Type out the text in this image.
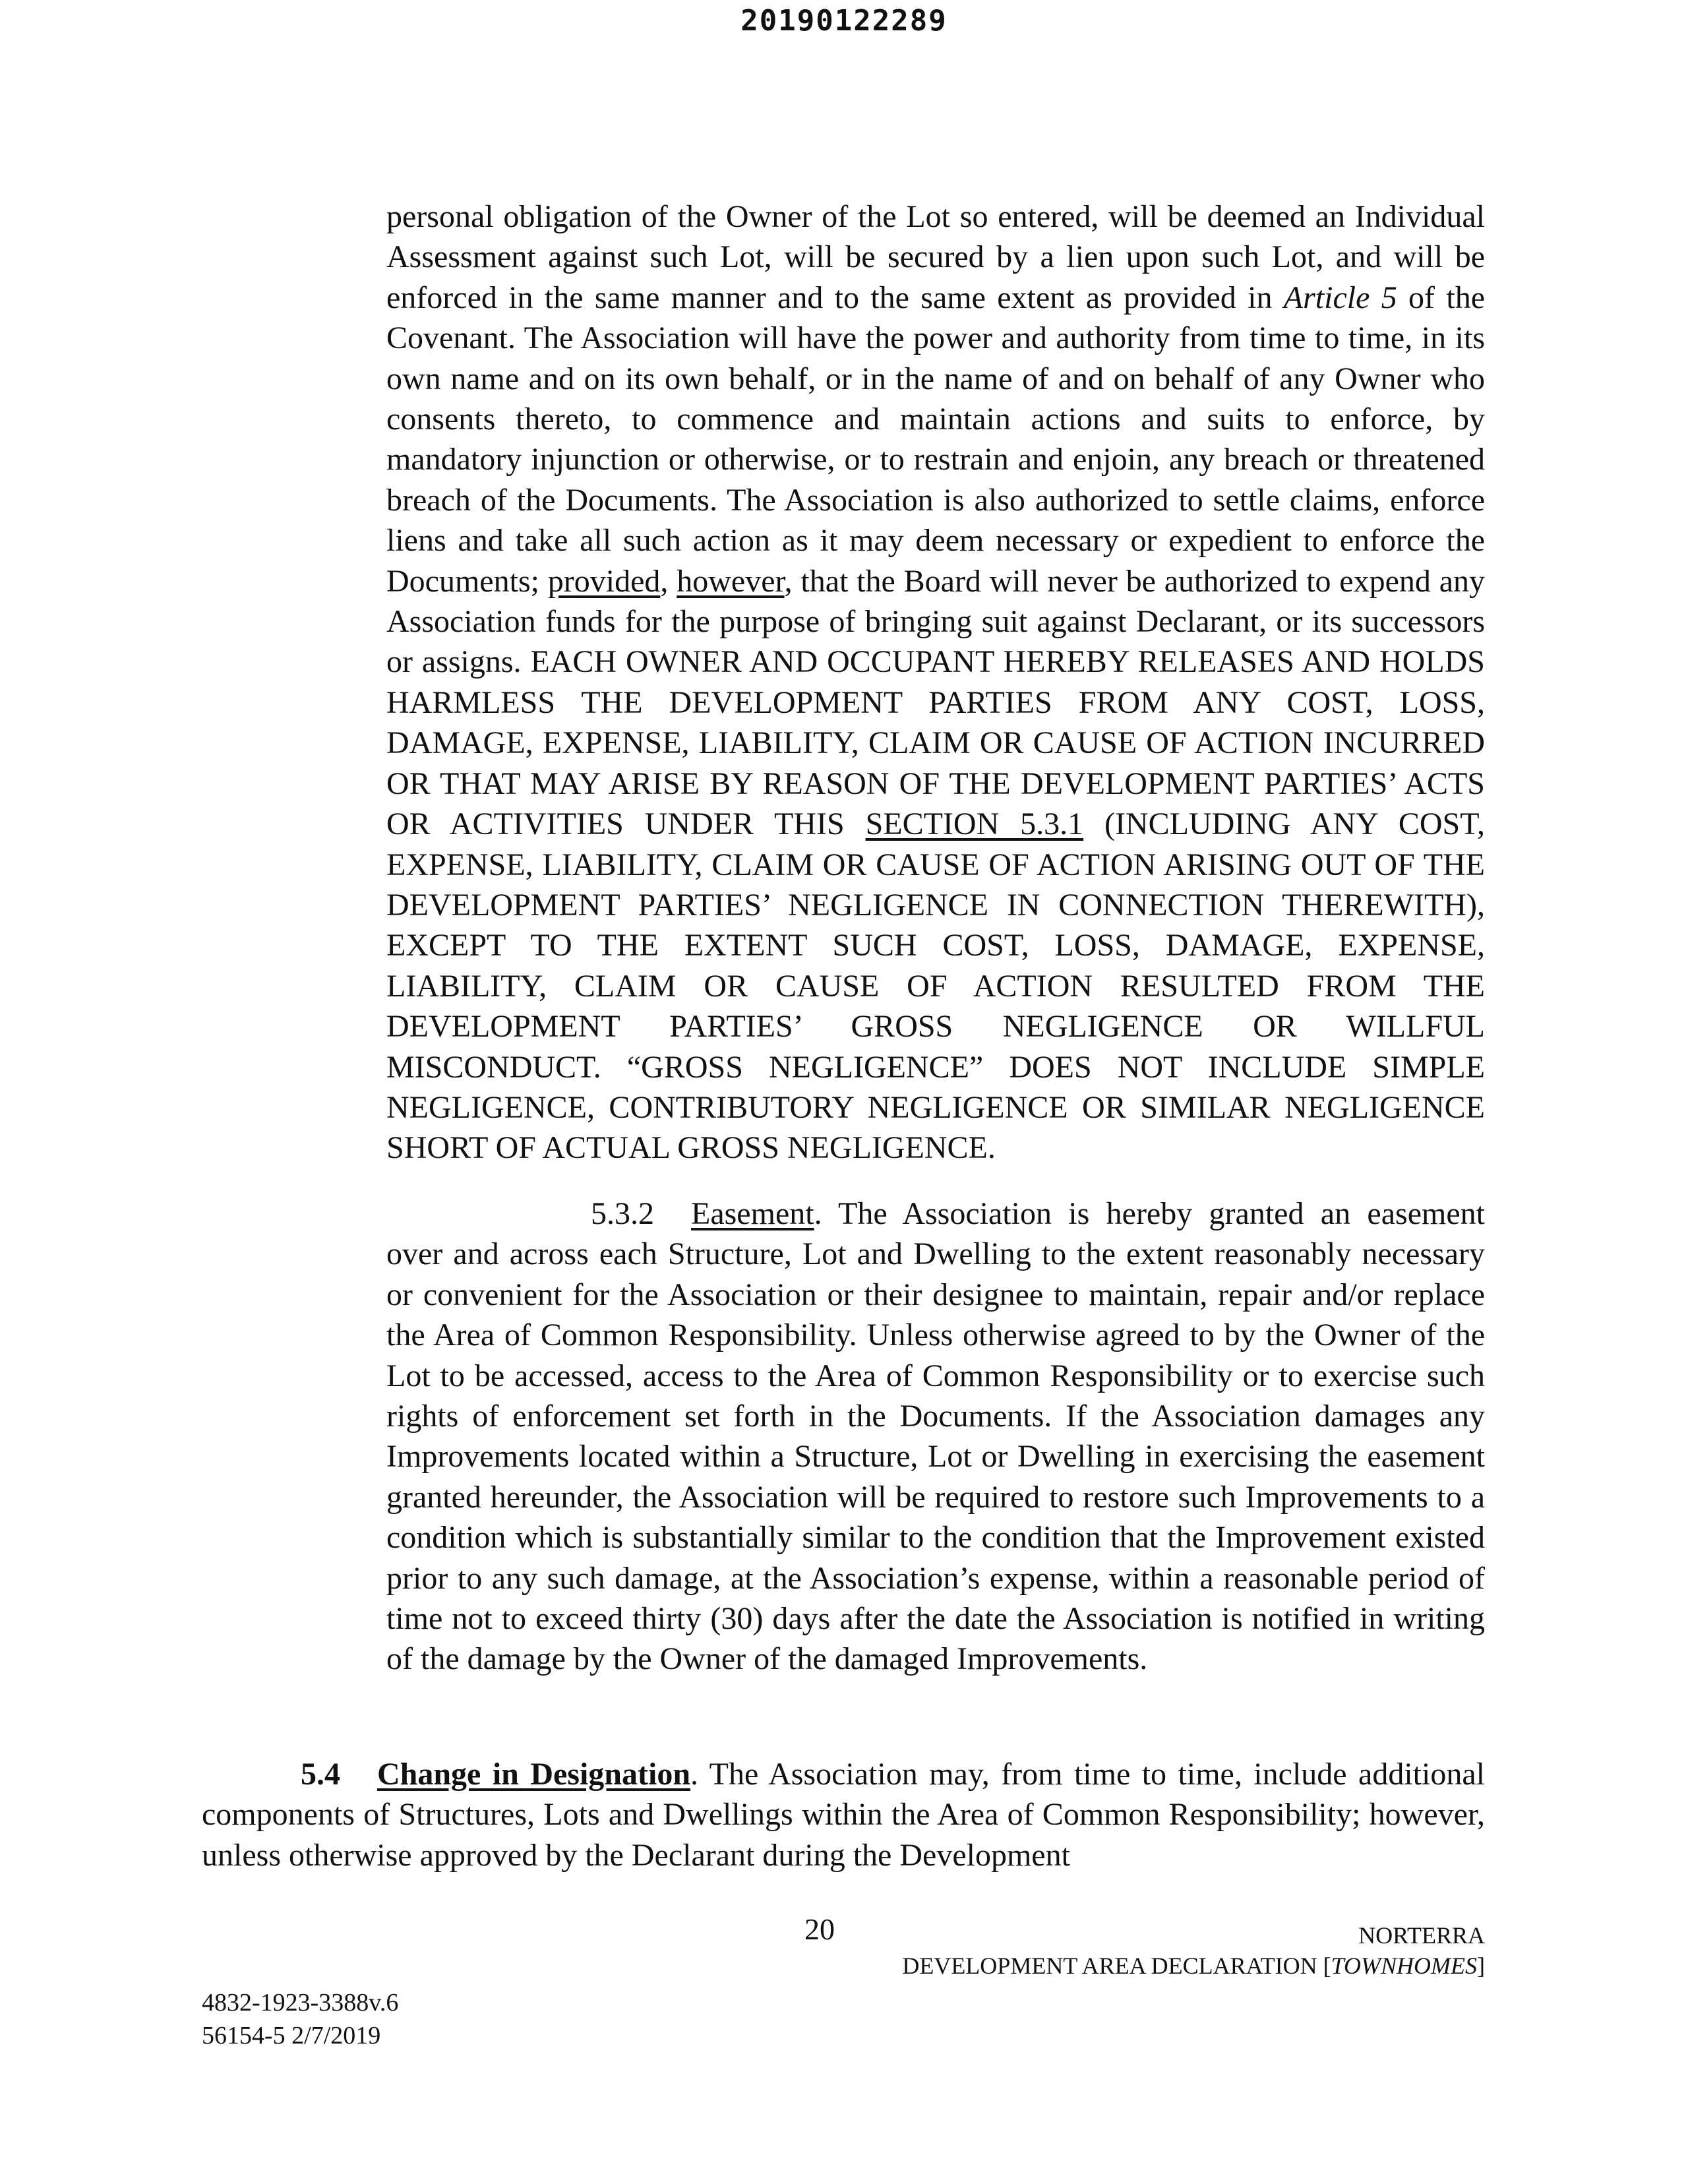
20190122289
personal obligation of the Owner of the Lot so entered, will be deemed an Individual Assessment against such Lot, will be secured by a lien upon such Lot, and will be enforced in the same manner and to the same extent as provided in Article 5 of the Covenant. The Association will have the power and authority from time to time, in its own name and on its own behalf, or in the name of and on behalf of any Owner who consents thereto, to commence and maintain actions and suits to enforce, by mandatory injunction or otherwise, or to restrain and enjoin, any breach or threatened breach of the Documents. The Association is also authorized to settle claims, enforce liens and take all such action as it may deem necessary or expedient to enforce the Documents; provided, however, that the Board will never be authorized to expend any Association funds for the purpose of bringing suit against Declarant, or its successors or assigns. EACH OWNER AND OCCUPANT HEREBY RELEASES AND HOLDS HARMLESS THE DEVELOPMENT PARTIES FROM ANY COST, LOSS, DAMAGE, EXPENSE, LIABILITY, CLAIM OR CAUSE OF ACTION INCURRED OR THAT MAY ARISE BY REASON OF THE DEVELOPMENT PARTIES’ ACTS OR ACTIVITIES UNDER THIS SECTION 5.3.1 (INCLUDING ANY COST, EXPENSE, LIABILITY, CLAIM OR CAUSE OF ACTION ARISING OUT OF THE DEVELOPMENT PARTIES’ NEGLIGENCE IN CONNECTION THEREWITH), EXCEPT TO THE EXTENT SUCH COST, LOSS, DAMAGE, EXPENSE, LIABILITY, CLAIM OR CAUSE OF ACTION RESULTED FROM THE DEVELOPMENT PARTIES’ GROSS NEGLIGENCE OR WILLFUL MISCONDUCT. “GROSS NEGLIGENCE” DOES NOT INCLUDE SIMPLE NEGLIGENCE, CONTRIBUTORY NEGLIGENCE OR SIMILAR NEGLIGENCE SHORT OF ACTUAL GROSS NEGLIGENCE.
5.3.2 Easement. The Association is hereby granted an easement over and across each Structure, Lot and Dwelling to the extent reasonably necessary or convenient for the Association or their designee to maintain, repair and/or replace the Area of Common Responsibility. Unless otherwise agreed to by the Owner of the Lot to be accessed, access to the Area of Common Responsibility or to exercise such rights of enforcement set forth in the Documents. If the Association damages any Improvements located within a Structure, Lot or Dwelling in exercising the easement granted hereunder, the Association will be required to restore such Improvements to a condition which is substantially similar to the condition that the Improvement existed prior to any such damage, at the Association’s expense, within a reasonable period of time not to exceed thirty (30) days after the date the Association is notified in writing of the damage by the Owner of the damaged Improvements.
5.4 Change in Designation. The Association may, from time to time, include additional components of Structures, Lots and Dwellings within the Area of Common Responsibility; however, unless otherwise approved by the Declarant during the Development
20	NORTERRA
DEVELOPMENT AREA DECLARATION [TOWNHOMES]
4832-1923-3388v.6
56154-5 2/7/2019
